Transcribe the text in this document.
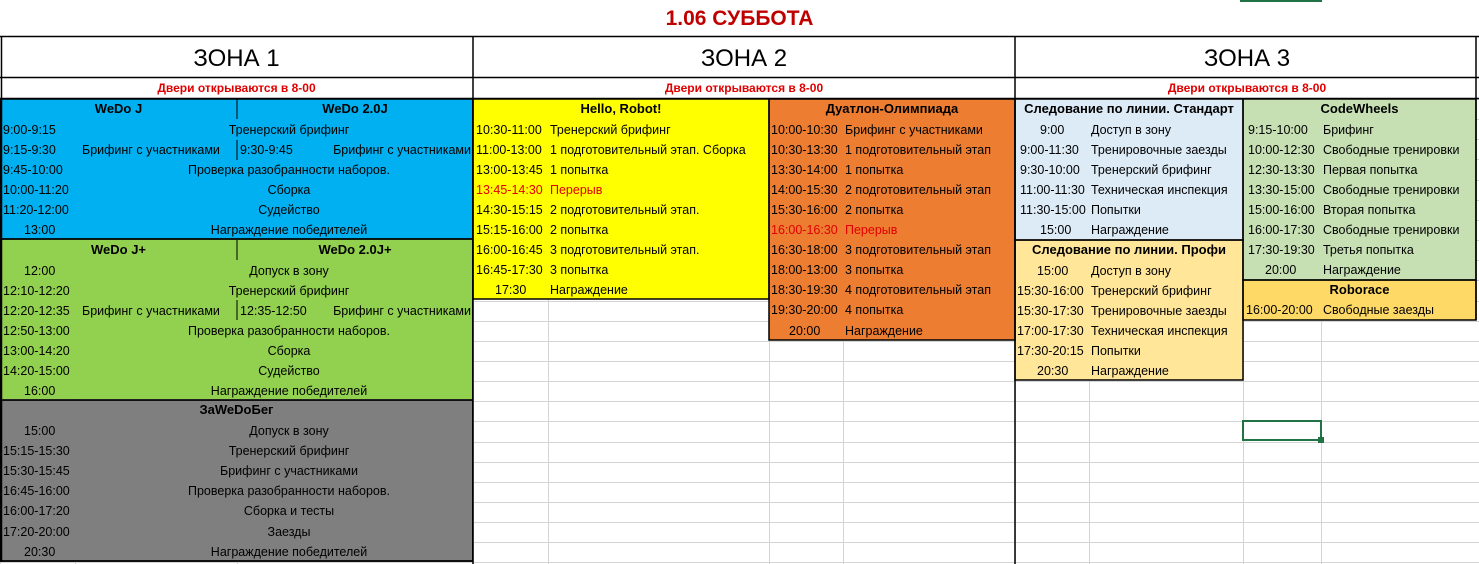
1.06 СУББОТА
ЗОНА 1	ЗОНА 2	ЗОНА 3
Двери открываются в 8-00	Двери открываются в 8-00	Двери открываются в 8-00
WeDo J	WeDo 2.0J
9:00-9:15	Тренерский брифинг
9:15-9:30 Брифинг с участниками 9:30-9:45	Брифинг с участниками
9:45-10:00	Проверка разобранности наборов.
10:00-11:20	Сборка
11:20-12:00	Судейство
13:00	Награждение победителей
WeDo J+	WeDo 2.0J+
12:00	Допуск в зону
12:10-12:20	Тренерский брифинг
12:20-12:35 Брифинг с участниками 12:35-12:50 Брифинг с участниками
12:50-13:00	Проверка разобранности наборов.
13:00-14:20	Сборка
14:20-15:00	Судейство
16:00	Награждение победителей
ЗаWeDoБег
15:00	Допуск в зону
15:15-15:30	Тренерский брифинг
15:30-15:45	Брифинг с участниками
16:45-16:00	Проверка разобранности наборов.
16:00-17:20	Сборка и тесты
17:20-20:00	Заезды
20:30	Награждение победителей
Hello, Robot!
10:30-11:00 Тренерский брифинг
11:00-13:00 1 подготовительный этап. Сборка
13:00-13:45 1 попытка
13:45-14:30 Перерыв
14:30-15:15 2 подготовительный этап.
15:15-16:00 2 попытка
16:00-16:45 3 подготовительный этап.
16:45-17:30 3 попытка
17:30 Награждение
Дуатлон-Олимпиада
10:00-10:30 Брифинг с участниками
10:30-13:30 1 подготовительный этап
13:30-14:00 1 попытка
14:00-15:30 2 подготовительный этап
15:30-16:00 2 попытка
16:00-16:30 Перерыв
16:30-18:00 3 подготовительный этап
18:00-13:00 3 попытка
18:30-19:30 4 подготовительный этап
19:30-20:00 4 попытка
20:00 Награждение
Следование по линии. Стандарт
9:00 Доступ в зону
9:00-11:30 Тренировочные заезды
9:30-10:00 Тренерский брифинг
11:00-11:30 Техническая инспекция
11:30-15:00 Попытки
15:00 Награждение
Следование по линии. Профи
15:00 Доступ в зону
15:30-16:00 Тренерский брифинг
15:30-17:30 Тренировочные заезды
17:00-17:30 Техническая инспекция
17:30-20:15 Попытки
20:30 Награждение
CodeWheels
9:15-10:00 Брифинг
10:00-12:30 Свободные тренировки
12:30-13:30 Первая попытка
13:30-15:00 Свободные тренировки
15:00-16:00 Вторая попытка
16:00-17:30 Свободные тренировки
17:30-19:30 Третья попытка
20:00 Награждение
Roborace
16:00-20:00 Свободные заезды
